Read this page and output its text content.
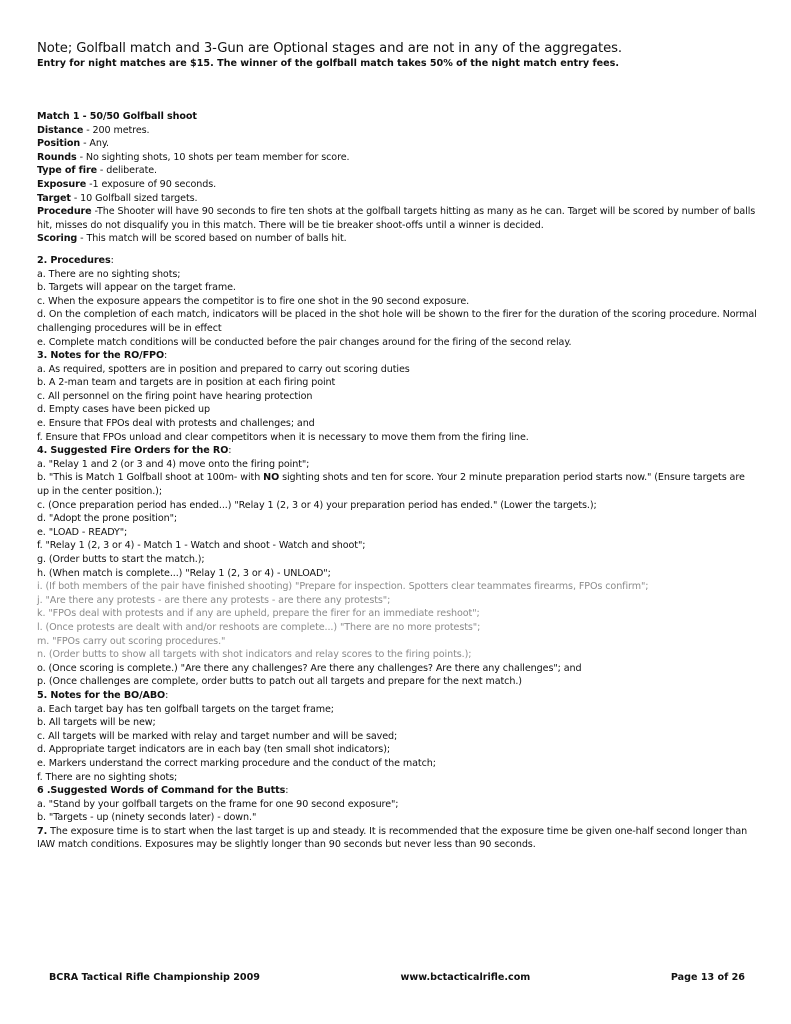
Note; Golfball match and 3-Gun are Optional stages and are not in any of the aggregates.

Entry for night matches are $15. The winner of the golfball match takes 50% of the night match entry fees.

Match 1 - 50/50 Golfball shoot

Distance - 200 metres.

Position - Any.

Rounds - No sighting shots, 10 shots per team member for score.

Type of fire - deliberate.

Exposure -1 exposure of 90 seconds.

Target - 10 Golfball sized targets.

Procedure -The Shooter will have 90 seconds to fire ten shots at the golfball targets hitting as many as he can. Target will be scored by number of balls hit, misses do not disqualify you in this match. There will be tie breaker shoot-offs until a winner is decided.

Scoring - This match will be scored based on number of balls hit.

2. Procedures:

a. There are no sighting shots;

b. Targets will appear on the target frame.

c. When the exposure appears the competitor is to fire one shot in the 90 second exposure.

d. On the completion of each match, indicators will be placed in the shot hole will be shown to the firer for the duration of the scoring procedure. Normal challenging procedures will be in effect

e. Complete match conditions will be conducted before the pair changes around for the firing of the second relay.

3. Notes for the RO/FPO:

a. As required, spotters are in position and prepared to carry out scoring duties

b. A 2-man team and targets are in position at each firing point

c. All personnel on the firing point have hearing protection

d. Empty cases have been picked up

e. Ensure that FPOs deal with protests and challenges; and

f. Ensure that FPOs unload and clear competitors when it is necessary to move them from the firing line.

4. Suggested Fire Orders for the RO:

a. "Relay 1 and 2 (or 3 and 4) move onto the firing point";

b. "This is Match 1 Golfball shoot at 100m- with NO sighting shots and ten for score. Your 2 minute preparation period starts now." (Ensure targets are up in the center position.);

c. (Once preparation period has ended...) "Relay 1 (2, 3 or 4) your preparation period has ended." (Lower the targets.);

d. "Adopt the prone position";

e. "LOAD - READY";

f. "Relay 1 (2, 3 or 4) - Match 1 - Watch and shoot - Watch and shoot";

g. (Order butts to start the match.);

h. (When match is complete...) "Relay 1 (2, 3 or 4) - UNLOAD";

i. (If both members of the pair have finished shooting) "Prepare for inspection. Spotters clear teammates firearms, FPOs confirm";

j. "Are there any protests - are there any protests - are there any protests";

k. "FPOs deal with protests and if any are upheld, prepare the firer for an immediate reshoot";

l. (Once protests are dealt with and/or reshoots are complete...) "There are no more protests";

m. "FPOs carry out scoring procedures."

n. (Order butts to show all targets with shot indicators and relay scores to the firing points.);

o. (Once scoring is complete.) "Are there any challenges? Are there any challenges? Are there any challenges"; and

p. (Once challenges are complete, order butts to patch out all targets and prepare for the next match.)

5. Notes for the BO/ABO:

a. Each target bay has ten golfball targets on the target frame;

b. All targets will be new;

c. All targets will be marked with relay and target number and will be saved;

d. Appropriate target indicators are in each bay (ten small shot indicators);

e. Markers understand the correct marking procedure and the conduct of the match;

f. There are no sighting shots;

6 .Suggested Words of Command for the Butts:

a. "Stand by your golfball targets on the frame for one 90 second exposure";

b. "Targets - up (ninety seconds later) - down."

7. The exposure time is to start when the last target is up and steady. It is recommended that the exposure time be given one-half second longer than IAW match conditions. Exposures may be slightly longer than 90 seconds but never less than 90 seconds.

BCRA Tactical Rifle Championship 2009	www.bctacticalrifle.com	Page 13 of 26
